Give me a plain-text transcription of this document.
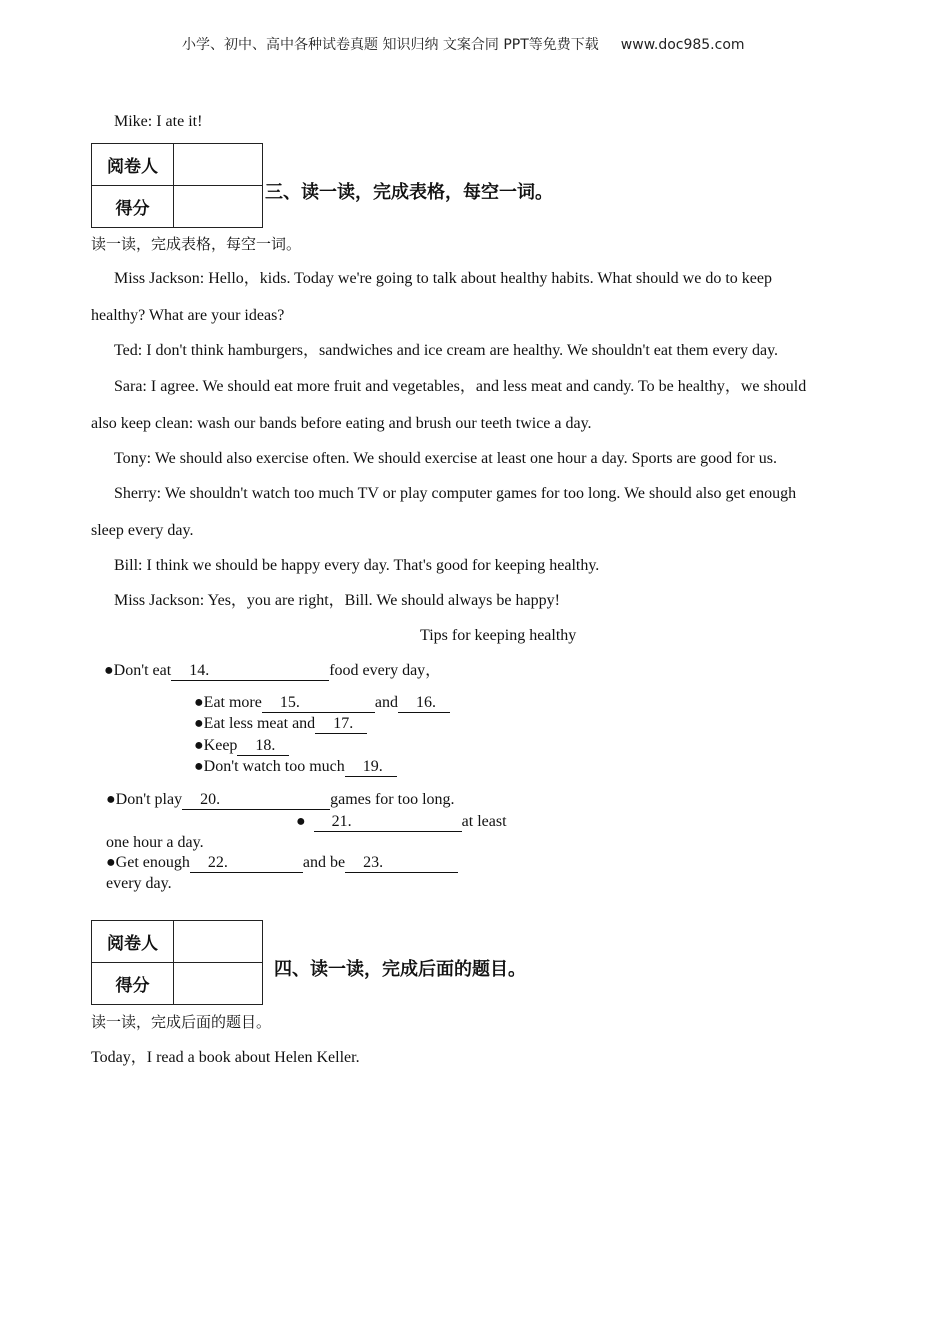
小学、初中、高中各种试卷真题 知识归纳 文案合同 PPT等免费下载 www.doc985.com
Mike: I ate it!
阅卷人	
得分	
三、读一读，完成表格，每空一词。
读一读，完成表格，每空一词。
Miss Jackson: Hello，kids. Today we're going to talk about healthy habits. What should we do to keep
healthy? What are your ideas?
Ted: I don't think hamburgers，sandwiches and ice cream are healthy. We shouldn't eat them every day.
Sara: I agree. We should eat more fruit and vegetables，and less meat and candy. To be healthy，we should
also keep clean: wash our bands before eating and brush our teeth twice a day.
Tony: We should also exercise often. We should exercise at least one hour a day. Sports are good for us.
Sherry: We shouldn't watch too much TV or play computer games for too long. We should also get enough
sleep every day.
Bill: I think we should be happy every day. That's good for keeping healthy.
Miss Jackson: Yes，you are right，Bill. We should always be happy!
Tips for keeping healthy
●Don't eat 14.	food every day，
●Eat more 15.	and 16.
●Eat less meat and 17.
●Keep 18.
●Don't watch too much 19.
●Don't play 20.	games for too long.
● 21.	at least
one hour a day.
●Get enough 22.	and be 23.
every day.
阅卷人	
得分	
四、读一读，完成后面的题目。
读一读，完成后面的题目。
Today，I read a book about Helen Keller.
